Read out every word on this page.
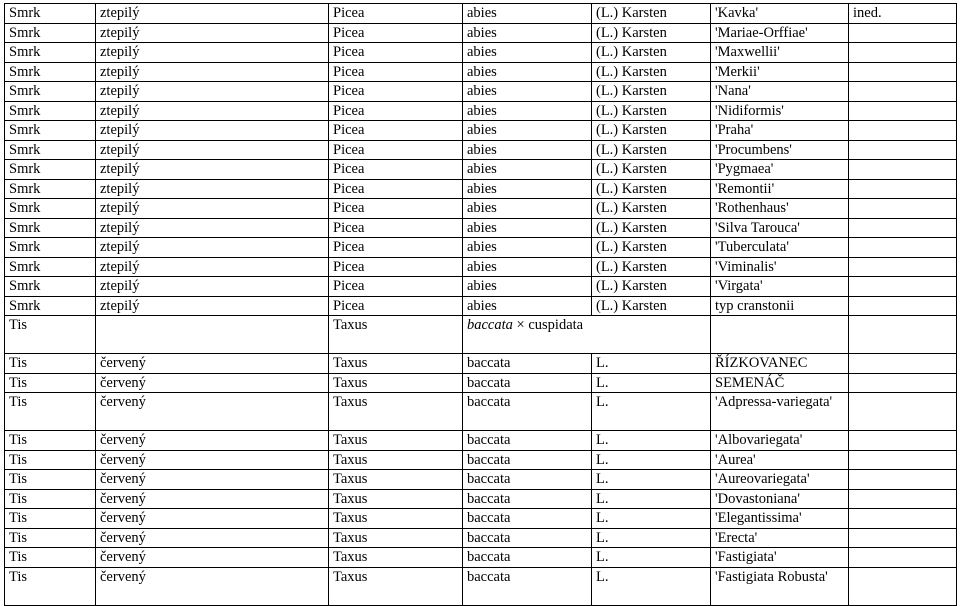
Smrk	ztepilý	Picea	abies	(L.) Karsten	'Kavka'	ined.
Smrk	ztepilý	Picea	abies	(L.) Karsten	'Mariae-Orffiae'	
Smrk	ztepilý	Picea	abies	(L.) Karsten	'Maxwellii'	
Smrk	ztepilý	Picea	abies	(L.) Karsten	'Merkii'	
Smrk	ztepilý	Picea	abies	(L.) Karsten	'Nana'	
Smrk	ztepilý	Picea	abies	(L.) Karsten	'Nidiformis'	
Smrk	ztepilý	Picea	abies	(L.) Karsten	'Praha'	
Smrk	ztepilý	Picea	abies	(L.) Karsten	'Procumbens'	
Smrk	ztepilý	Picea	abies	(L.) Karsten	'Pygmaea'	
Smrk	ztepilý	Picea	abies	(L.) Karsten	'Remontii'	
Smrk	ztepilý	Picea	abies	(L.) Karsten	'Rothenhaus'	
Smrk	ztepilý	Picea	abies	(L.) Karsten	'Silva Tarouca'	
Smrk	ztepilý	Picea	abies	(L.) Karsten	'Tuberculata'	
Smrk	ztepilý	Picea	abies	(L.) Karsten	'Viminalis'	
Smrk	ztepilý	Picea	abies	(L.) Karsten	'Virgata'	
Smrk	ztepilý	Picea	abies	(L.) Karsten	typ cranstonii	
Tis		Taxus	baccata × cuspidata			
Tis	červený	Taxus	baccata	L.	ŘÍZKOVANEC	
Tis	červený	Taxus	baccata	L.	SEMENÁČ	
Tis	červený	Taxus	baccata	L.	'Adpressa-variegata'	
Tis	červený	Taxus	baccata	L.	'Albovariegata'	
Tis	červený	Taxus	baccata	L.	'Aurea'	
Tis	červený	Taxus	baccata	L.	'Aureovariegata'	
Tis	červený	Taxus	baccata	L.	'Dovastoniana'	
Tis	červený	Taxus	baccata	L.	'Elegantissima'	
Tis	červený	Taxus	baccata	L.	'Erecta'	
Tis	červený	Taxus	baccata	L.	'Fastigiata'	
Tis	červený	Taxus	baccata	L.	'Fastigiata Robusta'	
